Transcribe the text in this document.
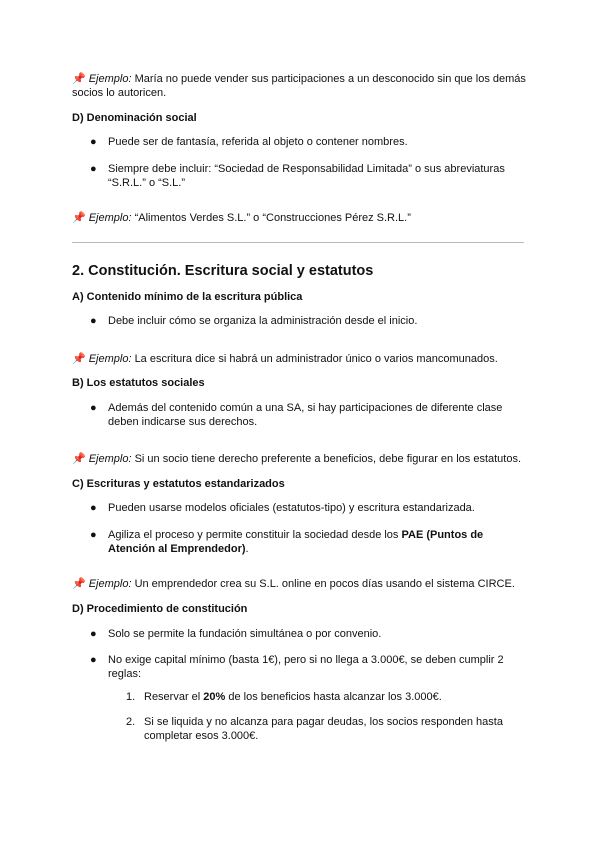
📌 Ejemplo: María no puede vender sus participaciones a un desconocido sin que los demás socios lo autoricen.

D) Denominación social

●	Puede ser de fantasía, referida al objeto o contener nombres.
●	Siempre debe incluir: “Sociedad de Responsabilidad Limitada” o sus abreviaturas “S.R.L.” o “S.L.”

📌 Ejemplo: “Alimentos Verdes S.L.” o “Construcciones Pérez S.R.L.”

2. Constitución. Escritura social y estatutos

A) Contenido mínimo de la escritura pública

●	Debe incluir cómo se organiza la administración desde el inicio.

📌 Ejemplo: La escritura dice si habrá un administrador único o varios mancomunados.

B) Los estatutos sociales

●	Además del contenido común a una SA, si hay participaciones de diferente clase deben indicarse sus derechos.

📌 Ejemplo: Si un socio tiene derecho preferente a beneficios, debe figurar en los estatutos.

C) Escrituras y estatutos estandarizados

●	Pueden usarse modelos oficiales (estatutos-tipo) y escritura estandarizada.
●	Agiliza el proceso y permite constituir la sociedad desde los PAE (Puntos de Atención al Emprendedor).

📌 Ejemplo: Un emprendedor crea su S.L. online en pocos días usando el sistema CIRCE.

D) Procedimiento de constitución

●	Solo se permite la fundación simultánea o por convenio.
●	No exige capital mínimo (basta 1€), pero si no llega a 3.000€, se deben cumplir 2 reglas:
1. Reservar el 20% de los beneficios hasta alcanzar los 3.000€.
2. Si se liquida y no alcanza para pagar deudas, los socios responden hasta completar esos 3.000€.
